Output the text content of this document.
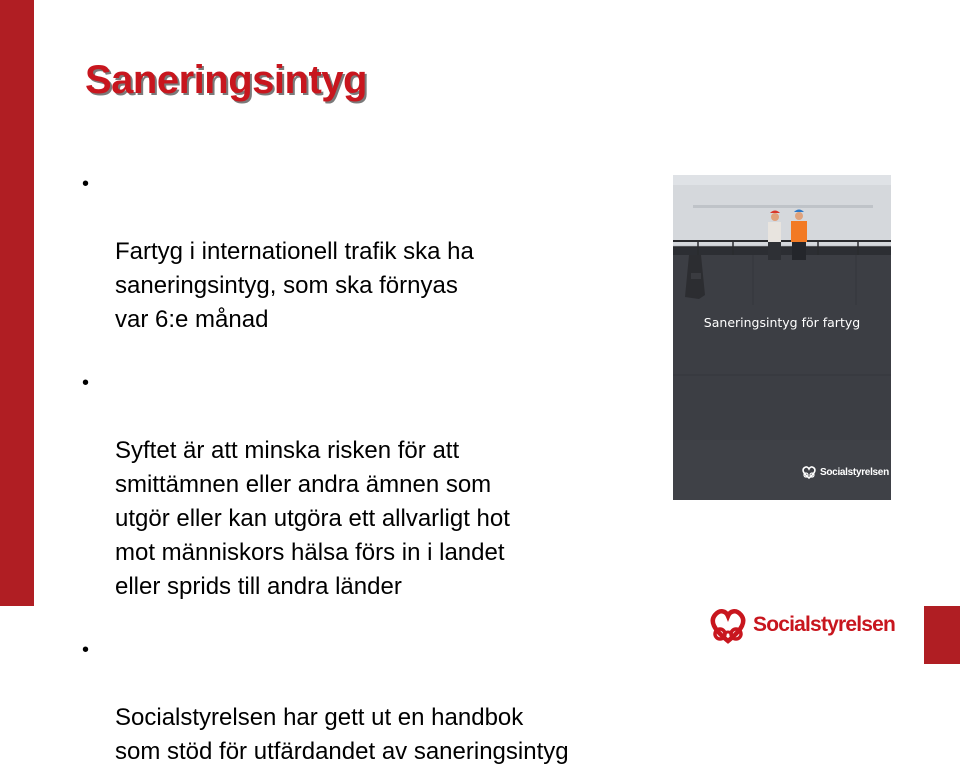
Saneringsintyg

•

Fartyg i internationell trafik ska ha
saneringsintyg, som ska förnyas
var 6:e månad

•

Syftet är att minska risken för att
smittämnen eller andra ämnen som
utgör eller kan utgöra ett allvarligt hot
mot människors hälsa förs in i landet
eller sprids till andra länder

•

Socialstyrelsen har gett ut en handbok
som stöd för utfärdandet av saneringsintyg

Saneringsintyg för fartyg
Socialstyrelsen
Socialstyrelsen
